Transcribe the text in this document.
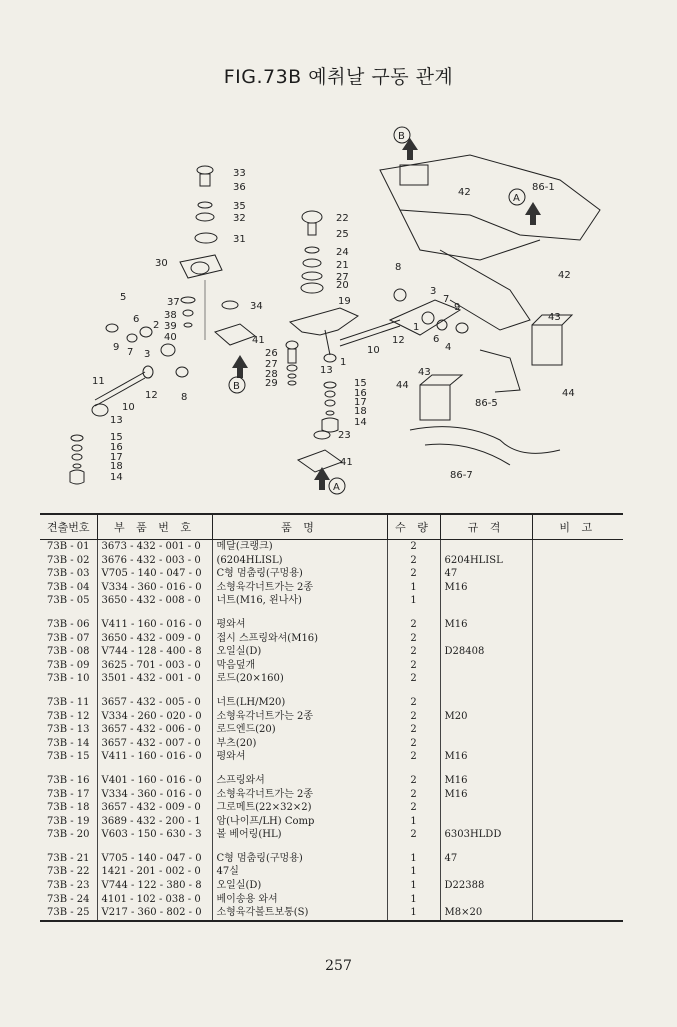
FIG.73B 예취날 구동 관계
B
A
B
A
33
36
35
32
31
30
37
38
39
40
34
41
5
6
2
9 7 3
11
10
12 8
13
15
16
17
18
14
22
25
24
21
27
20
19
26
27
28
29
1
13
15
16
17
18
14
23
41
42	86-1
42
8
3
7
9
43
10
12
1
6
4
44
43
86-5
44
86-7
견출번호	부 품 번 호	품 명	수 량	규 격	비 고
73B - 01	3673 - 432 - 001 - 0	메달(크랭크)	2		
73B - 02	3676 - 432 - 003 - 0	(6204HLISL)	2	6204HLISL	
73B - 03	V705 - 140 - 047 - 0	C형 멈춤링(구멍용)	2	47	
73B - 04	V334 - 360 - 016 - 0	소형육각너트가는 2종	1	M16	
73B - 05	3650 - 432 - 008 - 0	너트(M16, 왼나사)	1		

73B - 06	V411 - 160 - 016 - 0	평와셔	2	M16	
73B - 07	3650 - 432 - 009 - 0	접시 스프링와셔(M16)	2		
73B - 08	V744 - 128 - 400 - 8	오일실(D)	2	D28408	
73B - 09	3625 - 701 - 003 - 0	막음덮개	2		
73B - 10	3501 - 432 - 001 - 0	로드(20×160)	2		

73B - 11	3657 - 432 - 005 - 0	너트(LH/M20)	2		
73B - 12	V334 - 260 - 020 - 0	소형육각너트가는 2종	2	M20	
73B - 13	3657 - 432 - 006 - 0	로드엔드(20)	2		
73B - 14	3657 - 432 - 007 - 0	부츠(20)	2		
73B - 15	V411 - 160 - 016 - 0	평와셔	2	M16	

73B - 16	V401 - 160 - 016 - 0	스프링와셔	2	M16	
73B - 17	V334 - 360 - 016 - 0	소형육각너트가는 2종	2	M16	
73B - 18	3657 - 432 - 009 - 0	그로메트(22×32×2)	2		
73B - 19	3689 - 432 - 200 - 1	암(나이프/LH) Comp	1		
73B - 20	V603 - 150 - 630 - 3	볼 베어링(HL)	2	6303HLDD	

73B - 21	V705 - 140 - 047 - 0	C형 멈춤링(구멍용)	1	47	
73B - 22	1421 - 201 - 002 - 0	47실	1		
73B - 23	V744 - 122 - 380 - 8	오일실(D)	1	D22388	
73B - 24	4101 - 102 - 038 - 0	베이송용 와셔	1		
73B - 25	V217 - 360 - 802 - 0	소형육각볼트보통(S)	1	M8×20	
257
